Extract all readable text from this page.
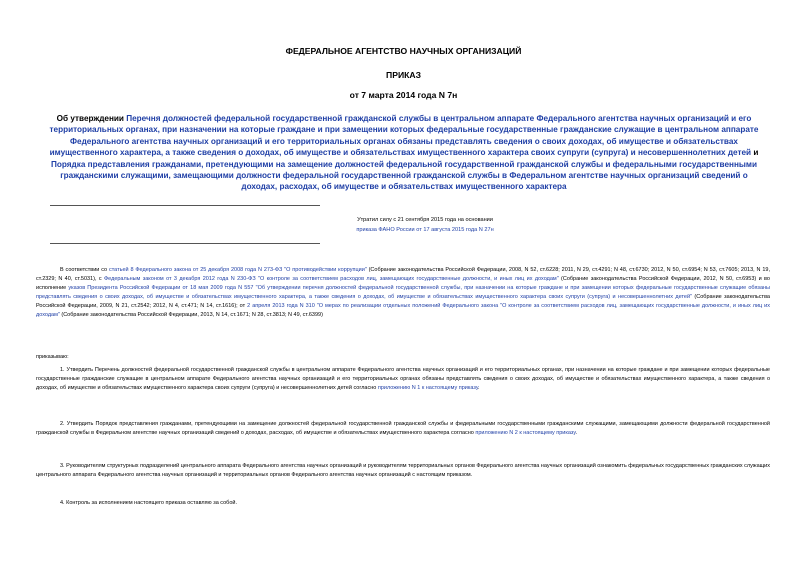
ФЕДЕРАЛЬНОЕ АГЕНТСТВО НАУЧНЫХ ОРГАНИЗАЦИЙ
ПРИКАЗ
от 7 марта 2014 года N 7н
Об утверждении Перечня должностей федеральной государственной гражданской службы в центральном аппарате Федерального агентства научных организаций и его территориальных органах, при назначении на которые граждане и при замещении которых федеральные государственные гражданские служащие в центральном аппарате Федерального агентства научных организаций и его территориальных органах обязаны представлять сведения о своих доходах, об имуществе и обязательствах имущественного характера, а также сведения о доходах, об имуществе и обязательствах имущественного характера своих супруги (супруга) и несовершеннолетних детей и Порядка представления гражданами, претендующими на замещение должностей федеральной государственной гражданской службы и федеральными государственными гражданскими служащими, замещающими должности федеральной государственной гражданской службы в Федеральном агентстве научных организаций сведений о доходах, расходах, об имуществе и обязательствах имущественного характера
Утратил силу с 21 сентября 2015 года на основании
приказа ФАНО России от 17 августа 2015 года N 27н
В соответствии со статьей 8 Федерального закона от 25 декабря 2008 года N 273-ФЗ "О противодействии коррупции" (Собрание законодательства Российской Федерации, 2008, N 52, ст.6228; 2011, N 29, ст.4291; N 48, ст.6730; 2012, N 50, ст.6954; N 53, ст.7605; 2013, N 19, ст.2329; N 40, ст.5031), с Федеральным законом от 3 декабря 2012 года N 230-ФЗ "О контроле за соответствием расходов лиц, замещающих государственные должности, и иных лиц их доходам" (Собрание законодательства Российской Федерации, 2012, N 50, ст.6953) и во исполнение указов Президента Российской Федерации от 18 мая 2009 года N 557 "Об утверждении перечня должностей федеральной государственной службы, при назначении на которые граждане и при замещении которых федеральные государственные служащие обязаны представлять сведения о своих доходах, об имуществе и обязательствах имущественного характера, а также сведения о доходах, об имуществе и обязательствах имущественного характера своих супруги (супруга) и несовершеннолетних детей" (Собрание законодательства Российской Федерации, 2009, N 21, ст.2542; 2012, N 4, ст.471; N 14, ст.1616); от 2 апреля 2013 года N 310 "О мерах по реализации отдельных положений Федерального закона "О контроле за соответствием расходов лиц, замещающих государственные должности, и иных лиц их доходам" (Собрание законодательства Российской Федерации, 2013, N 14, ст.1671; N 28, ст.3813; N 49, ст.6399)
приказываю:
1. Утвердить Перечень должностей федеральной государственной гражданской службы в центральном аппарате Федерального агентства научных организаций и его территориальных органах, при назначении на которые граждане и при замещении которых федеральные государственные гражданские служащие в центральном аппарате Федерального агентства научных организаций и его территориальных органах обязаны представлять сведения о своих доходах, об имуществе и обязательствах имущественного характера, а также сведения о доходах, об имуществе и обязательствах имущественного характера своих супруги (супруга) и несовершеннолетних детей согласно приложению N 1 к настоящему приказу.
2. Утвердить Порядок представления гражданами, претендующими на замещение должностей федеральной государственной гражданской службы и федеральными государственными гражданскими служащими, замещающими должности федеральной государственной гражданской службы в Федеральном агентстве научных организаций сведений о доходах, расходах, об имуществе и обязательствах имущественного характера согласно приложению N 2 к настоящему приказу.
3. Руководителям структурных подразделений центрального аппарата Федерального агентства научных организаций и руководителям территориальных органов Федерального агентства научных организаций ознакомить федеральных государственных гражданских служащих центрального аппарата Федерального агентства научных организаций и территориальных органов Федерального агентства научных организаций с настоящим приказом.
4. Контроль за исполнением настоящего приказа оставляю за собой.
